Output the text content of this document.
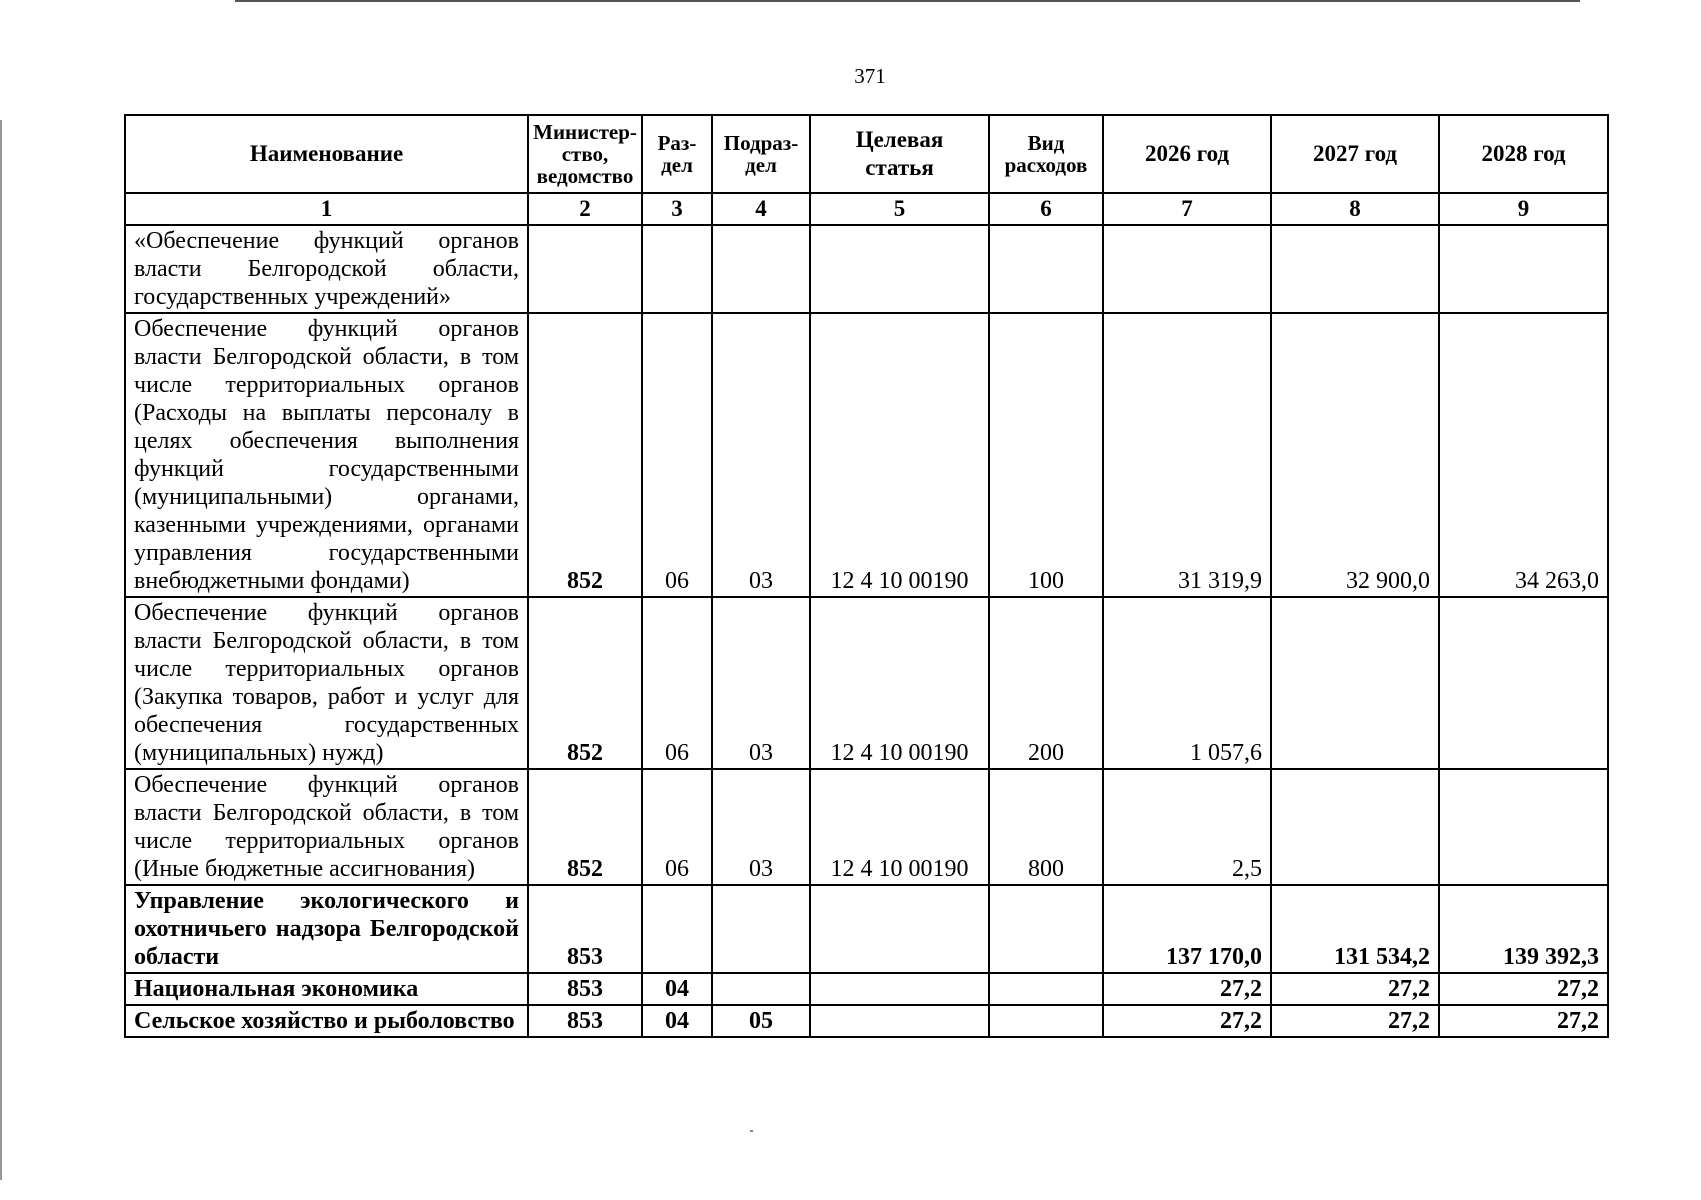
371
Наименование	Министер-ство, ведомство	Раз-дел	Подраз-дел	Целевая статья	Вид расходов	2026 год	2027 год	2028 год
1	2	3	4	5	6	7	8	9
«Обеспечение функций органов власти Белгородской области, государственных учреждений»								
Обеспечение функций органов власти Белгородской области, в том числе территориальных органов (Расходы на выплаты персоналу в целях обеспечения выполнения функций государственными (муниципальными) органами, казенными учреждениями, органами управления государственными внебюджетными фондами)	852	06	03	12 4 10 00190	100	31 319,9	32 900,0	34 263,0
Обеспечение функций органов власти Белгородской области, в том числе территориальных органов (Закупка товаров, работ и услуг для обеспечения государственных (муниципальных) нужд)	852	06	03	12 4 10 00190	200	1 057,6		
Обеспечение функций органов власти Белгородской области, в том числе территориальных органов (Иные бюджетные ассигнования)	852	06	03	12 4 10 00190	800	2,5		
Управление экологического и охотничьего надзора Белгородской области	853					137 170,0	131 534,2	139 392,3
Национальная экономика	853	04				27,2	27,2	27,2
Сельское хозяйство и рыболовство	853	04	05			27,2	27,2	27,2
